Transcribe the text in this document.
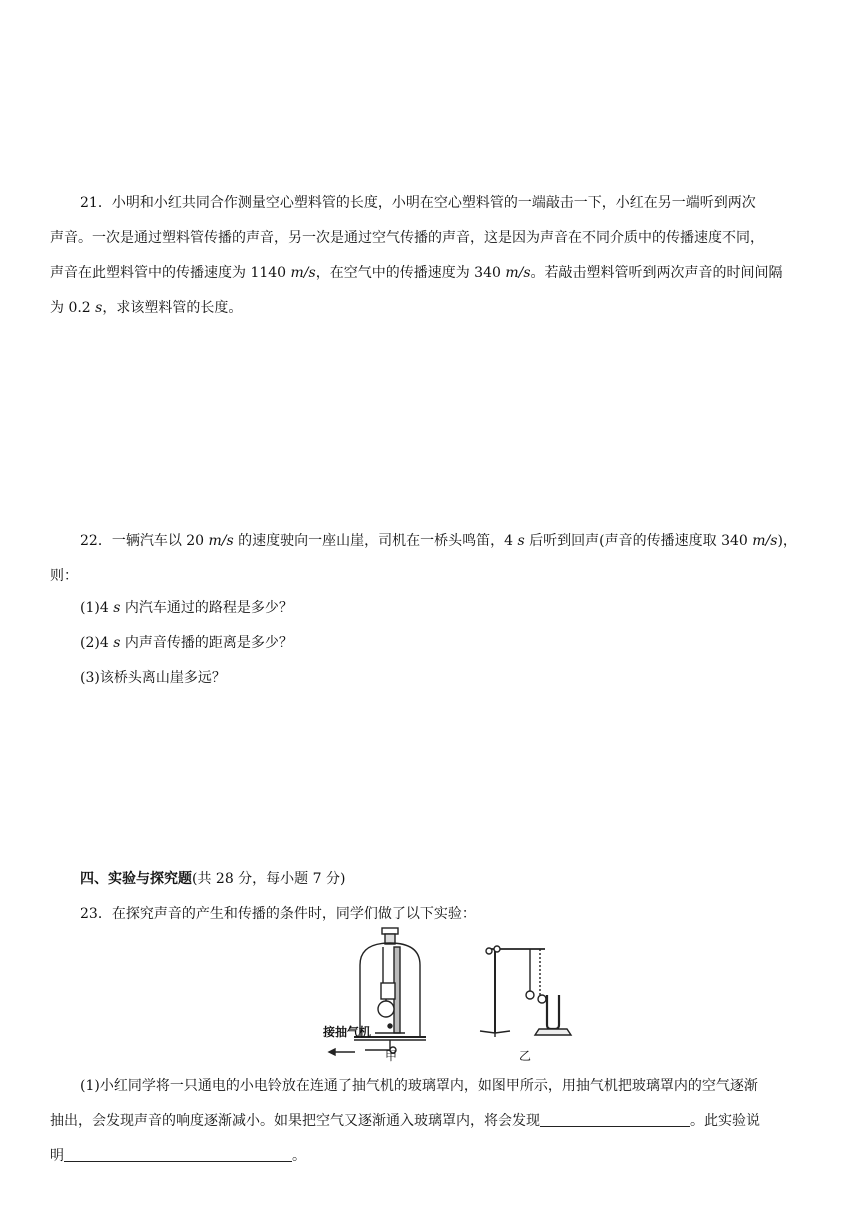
21．小明和小红共同合作测量空心塑料管的长度，小明在空心塑料管的一端敲击一下，小红在另一端听到两次

声音。一次是通过塑料管传播的声音，另一次是通过空气传播的声音，这是因为声音在不同介质中的传播速度不同，

声音在此塑料管中的传播速度为 1140 m/s，在空气中的传播速度为 340 m/s。若敲击塑料管听到两次声音的时间间隔

为 0.2 s，求该塑料管的长度。

22．一辆汽车以 20 m/s 的速度驶向一座山崖，司机在一桥头鸣笛，4 s 后听到回声(声音的传播速度取 340 m/s)，

则：

(1)4 s 内汽车通过的路程是多少？

(2)4 s 内声音传播的距离是多少？

(3)该桥头离山崖多远？

四、实验与探究题(共 28 分，每小题 7 分)

23．在探究声音的产生和传播的条件时，同学们做了以下实验：

接抽气机
甲	乙

(1)小红同学将一只通电的小电铃放在连通了抽气机的玻璃罩内，如图甲所示，用抽气机把玻璃罩内的空气逐渐

抽出，会发现声音的响度逐渐减小。如果把空气又逐渐通入玻璃罩内，将会发现	。此实验说

明	。
